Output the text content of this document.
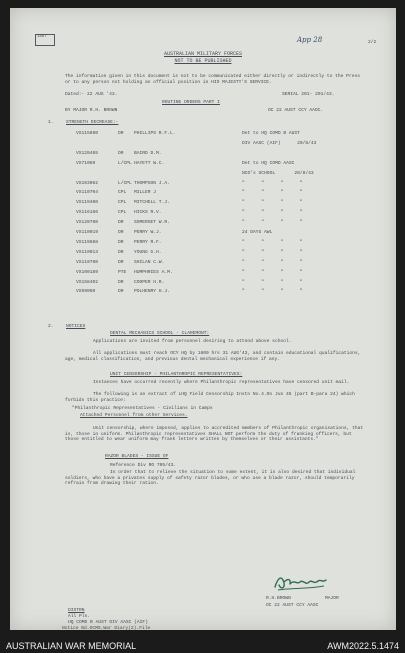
1867	App 28	2/2
AUSTRALIAN MILITARY FORCES
NOT TO BE PUBLISHED
The information given in this document is not to be communicated either directly or indirectly to the Press or to any person not holding an official position in HIS MAJESTY'S SERVICE.
Dated:- 22 AUG '43.	SERIAL 201- 201/43.
ROUTINE ORDERS PART I
BY MAJOR R.H. BROWN	OC 22 AUST CCY AAOC.
1.	STRENGTH DECREASE:-
VX115890	DR PHILLIPS R.F.L.	Det to HQ COMD B AUST
DIV AASC (AIF)      20/8/43
VX120465	DR BAIRD D.M.
VX71089	L/CPL HAYETT W.C.	Det to HQ COMD AASC
NCO's SCHOOL       20/8/43
VX103062	L/CPL THOMPSON J.A.	"      "      "      "
VX110704	CPL MILLER J	"      "      "      "
VX119400	CPL MITCHELL T.J.	"      "      "      "
VX116166	CPL HICKS R.V.	"      "      "      "
VX120780	DR SOMERSET W.R.	"      "      "      "
VX110019	DR PERRY W.J.	24 DAYS AWL
VX119888	DR PERRY R.F.	"      "      "      "
VX110013	DR YOUNG G.H.	"      "      "      "
VX110780	DR SHILAN C.W.	"      "      "      "
VX100189	PTE HUMPHRIES A.M.	"      "      "      "
VX158402	DR COOPER H.R.	"      "      "      "
VX59060	DR POLHENRY H.J.	"      "      "      "
2.	NOTICES
DENTAL MECHANICS SCHOOL - CLAREMONT:
Applications are invited from personnel desiring to attend above school.
All applications must reach OCY HQ by 1800 hrs 31 AUG'43, and contain educational qualifications, age, medical classification, and previous dental mechanical experience if any.
UNIT CENSORSHIP - PHILANTHROPIC REPRESENTATIVES:
Instances have occurred recently where Philanthropic representatives have censored unit mail.
The following is an extract of LHQ Field Censorship Instn No.4.On Jun 45 (part B-para 24) which forbids this practice:
"Philanthropic Representatives - Civilians in Camps
Attached Personnel from other Services.
Unit censorship, where imposed, applies to accredited members of Philanthropic organisations, that is, those in uniform. Philanthropic representatives SHALL NOT perform the duty of franking officers, but those entitled to wear uniform may frank letters written by themselves or their assistants."
RAZOR BLADES - ISSUE OF
Reference Div RO 705/43.
In order that to relieve the situation to some extent, it is also desired that individual soldiers, who have a privates supply of safety razor blades, or who use a blade razor, should temporarily refrain from drawing their ration.
R.H.BROWN	MAJOR
OC 22 AUST CCY AASC
DISTRN
All Pls.
HQ COMD B AUST DIV AASC (AIF)
Notice Bd.OCMS.War Diary(2).File
AUSTRALIAN WAR MEMORIAL	AWM2022.5.1474
